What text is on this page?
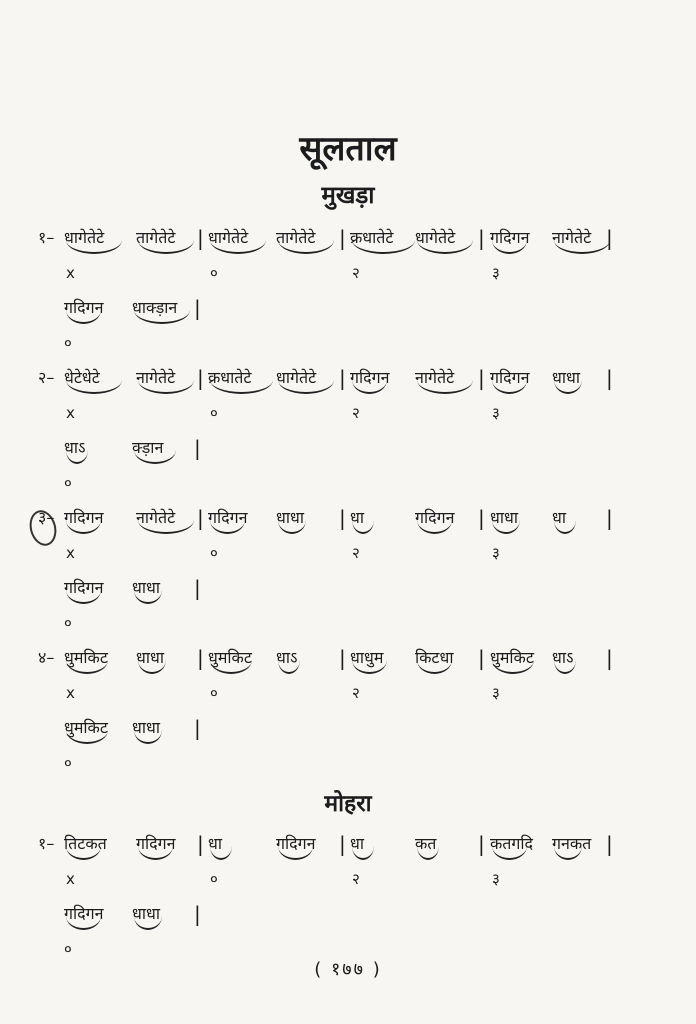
सूलताल
मुखड़ा
मोहरा
१– धागेतेटे तागेतेटे | धागेतेटे तागेतेटे | क्रधातेटे धागेतेटे | गदिगन नागेतेटे |
x	०	२	३
गदिगन धाक्ड़ान |
०
२– धेटेधेटे नागेतेटे | क्रधातेटे धागेतेटे | गदिगन नागेतेटे | गदिगन धाधा |
x	०	२	३
धाऽ	क्ड़ान |
०
३– गदिगन नागेतेटे | गदिगन धाधा | धा	गदिगन | धाधा धा |
x	०	२	३
गदिगन धाधा |
०
४– धुमकिट धाधा | धुमकिट धाऽ | धाधुम किटधा | धुमकिट धाऽ |
x	०	२	३
धुमकिट धाधा |
०
१– तिटकत गदिगन | धा	गदिगन | धा	कत | कतगदि गनकत |
x	०	२	३
गदिगन धाधा |
०
( १७७ )
